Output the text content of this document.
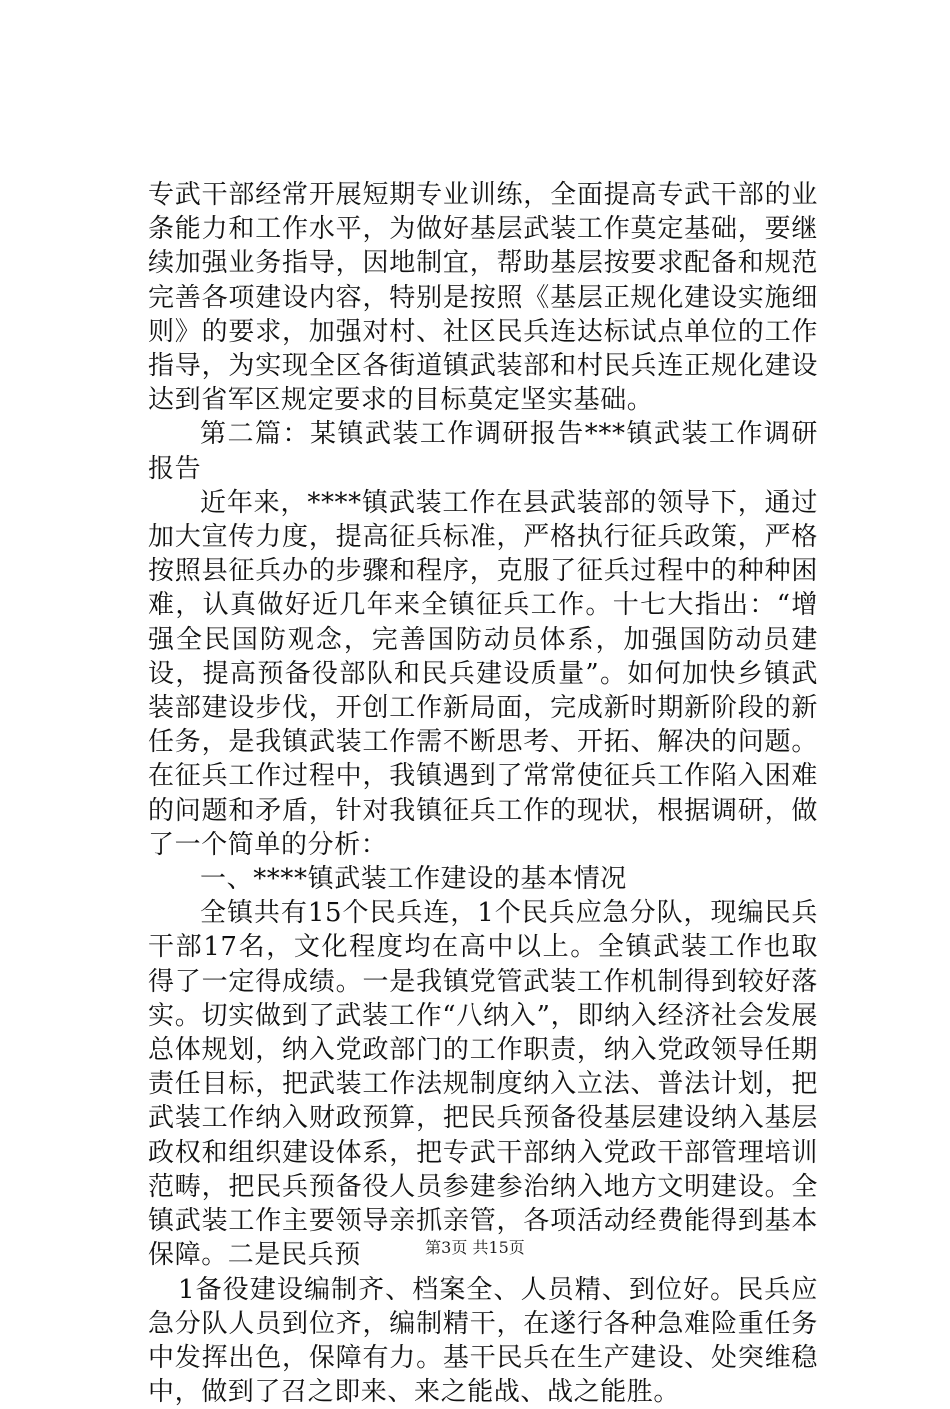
专武干部经常开展短期专业训练，全面提高专武干部的业条能力和工作水平，为做好基层武装工作莫定基础，要继续加强业务指导，因地制宜，帮助基层按要求配备和规范完善各项建设内容，特别是按照《基层正规化建设实施细则》的要求，加强对村、社区民兵连达标试点单位的工作指导，为实现全区各街道镇武装部和村民兵连正规化建设达到省军区规定要求的目标莫定坚实基础。

第二篇：某镇武装工作调研报告***镇武装工作调研报告

近年来，****镇武装工作在县武装部的领导下，通过加大宣传力度，提高征兵标准，严格执行征兵政策，严格按照县征兵办的步骤和程序，克服了征兵过程中的种种困难，认真做好近几年来全镇征兵工作。十七大指出：“增强全民国防观念，完善国防动员体系，加强国防动员建设，提高预备役部队和民兵建设质量”。如何加快乡镇武装部建设步伐，开创工作新局面，完成新时期新阶段的新任务，是我镇武装工作需不断思考、开拓、解决的问题。在征兵工作过程中，我镇遇到了常常使征兵工作陷入困难的问题和矛盾，针对我镇征兵工作的现状，根据调研，做了一个简单的分析：

一、****镇武装工作建设的基本情况

全镇共有15个民兵连，1个民兵应急分队，现编民兵干部17名，文化程度均在高中以上。全镇武装工作也取得了一定得成绩。一是我镇党管武装工作机制得到较好落实。切实做到了武装工作“八纳入”，即纳入经济社会发展总体规划，纳入党政部门的工作职责，纳入党政领导任期责任目标，把武装工作法规制度纳入立法、普法计划，把武装工作纳入财政预算，把民兵预备役基层建设纳入基层政权和组织建设体系，把专武干部纳入党政干部管理培训范畴，把民兵预备役人员参建参治纳入地方文明建设。全镇武装工作主要领导亲抓亲管，各项活动经费能得到基本保障。二是民兵预

1备役建设编制齐、档案全、人员精、到位好。民兵应急分队人员到位齐，编制精干，在遂行各种急难险重任务中发挥出色，保障有力。基干民兵在生产建设、处突维稳中，做到了召之即来、来之能战、战之能胜。

第3页 共15页
